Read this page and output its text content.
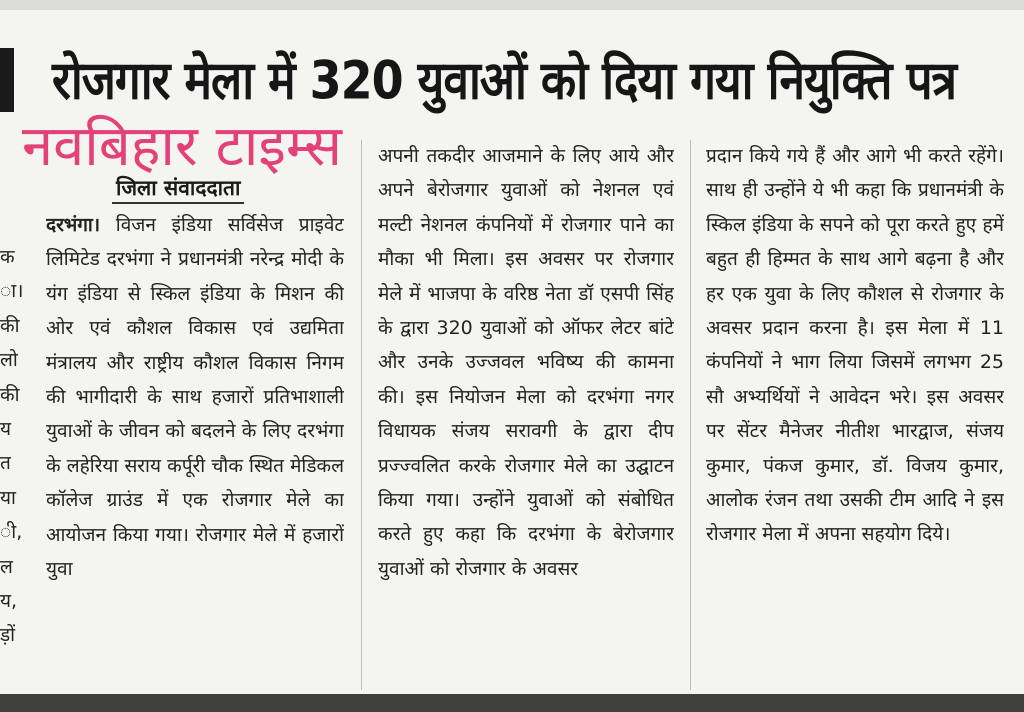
रोजगार मेला में 320 युवाओं को दिया गया नियुक्ति पत्र
नवबिहार टाइम्स
जिला संवाददाता
क
ा।
की
लो
की
य
त
या
ी,
ल
य,
ड़ों
दरभंगा। विजन इंडिया सर्विसेज प्राइवेट लिमिटेड दरभंगा ने प्रधानमंत्री नरेन्द्र मोदी के यंग इंडिया से स्किल इंडिया के मिशन की ओर एवं कौशल विकास एवं उद्यमिता मंत्रालय और राष्ट्रीय कौशल विकास निगम की भागीदारी के साथ हजारों प्रतिभाशाली युवाओं के जीवन को बदलने के लिए दरभंगा के लहेरिया सराय कर्पूरी चौक स्थित मेडिकल कॉलेज ग्राउंड में एक रोजगार मेले का आयोजन किया गया। रोजगार मेले में हजारों युवा
अपनी तकदीर आजमाने के लिए आये और अपने बेरोजगार युवाओं को नेशनल एवं मल्टी नेशनल कंपनियों में रोजगार पाने का मौका भी मिला। इस अवसर पर रोजगार मेले में भाजपा के वरिष्ठ नेता डॉ एसपी सिंह के द्वारा 320 युवाओं को ऑफर लेटर बांटे और उनके उज्जवल भविष्य की कामना की। इस नियोजन मेला को दरभंगा नगर विधायक संजय सरावगी के द्वारा दीप प्रज्ज्वलित करके रोजगार मेले का उद्घाटन किया गया। उन्होंने युवाओं को संबोधित करते हुए कहा कि दरभंगा के बेरोजगार युवाओं को रोजगार के अवसर
प्रदान किये गये हैं और आगे भी करते रहेंगे। साथ ही उन्होंने ये भी कहा कि प्रधानमंत्री के स्किल इंडिया के सपने को पूरा करते हुए हमें बहुत ही हिम्मत के साथ आगे बढ़ना है और हर एक युवा के लिए कौशल से रोजगार के अवसर प्रदान करना है। इस मेला में 11 कंपनियों ने भाग लिया जिसमें लगभग 25 सौ अभ्यर्थियों ने आवेदन भरे। इस अवसर पर सेंटर मैनेजर नीतीश भारद्वाज, संजय कुमार, पंकज कुमार, डॉ. विजय कुमार, आलोक रंजन तथा उसकी टीम आदि ने इस रोजगार मेला में अपना सहयोग दिये।
